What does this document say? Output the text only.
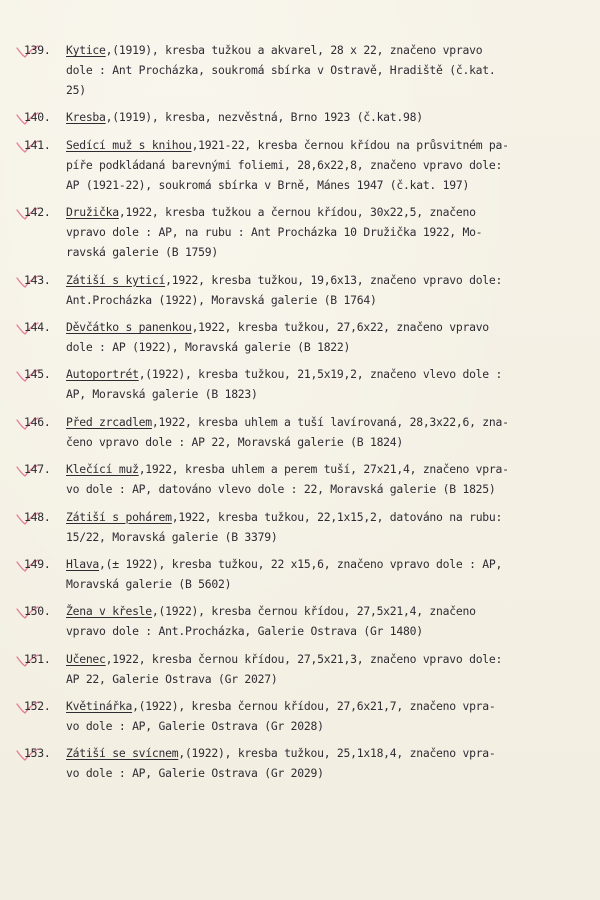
139.	Kytice,(1919), kresba tužkou a akvarel, 28 x 22, značeno vpravo
dole : Ant Procházka, soukromá sbírka v Ostravě, Hradiště (č.kat.
25)
140.	Kresba,(1919), kresba, nezvěstná, Brno 1923 (č.kat.98)
141.	Sedící muž s knihou,1921-22, kresba černou křídou na průsvitném pa-
píře podkládaná barevnými foliemi, 28,6x22,8, značeno vpravo dole:
AP (1921-22), soukromá sbírka v Brně, Mánes 1947 (č.kat. 197)
142.	Družička,1922, kresba tužkou a černou křídou, 30x22,5, značeno
vpravo dole : AP, na rubu : Ant Procházka 10 Družička 1922, Mo-
ravská galerie (B 1759)
143.	Zátiší s kyticí,1922, kresba tužkou, 19,6x13, značeno vpravo dole:
Ant.Procházka (1922), Moravská galerie (B 1764)
144.	Děvčátko s panenkou,1922, kresba tužkou, 27,6x22, značeno vpravo
dole : AP (1922), Moravská galerie (B 1822)
145.	Autoportrét,(1922), kresba tužkou, 21,5x19,2, značeno vlevo dole :
AP, Moravská galerie (B 1823)
146.	Před zrcadlem,1922, kresba uhlem a tuší lavírovaná, 28,3x22,6, zna-
čeno vpravo dole : AP 22, Moravská galerie (B 1824)
147.	Klečící muž,1922, kresba uhlem a perem tuší, 27x21,4, značeno vpra-
vo dole : AP, datováno vlevo dole : 22, Moravská galerie (B 1825)
148.	Zátiší s pohárem,1922, kresba tužkou, 22,1x15,2, datováno na rubu:
15/22, Moravská galerie (B 3379)
149.	Hlava,(± 1922), kresba tužkou, 22 x15,6, značeno vpravo dole : AP,
Moravská galerie (B 5602)
150.	Žena v křesle,(1922), kresba černou křídou, 27,5x21,4, značeno
vpravo dole : Ant.Procházka, Galerie Ostrava (Gr 1480)
151.	Učenec,1922, kresba černou křídou, 27,5x21,3, značeno vpravo dole:
AP 22, Galerie Ostrava (Gr 2027)
152.	Květinářka,(1922), kresba černou křídou, 27,6x21,7, značeno vpra-
vo dole : AP, Galerie Ostrava (Gr 2028)
153.	Zátiší se svícnem,(1922), kresba tužkou, 25,1x18,4, značeno vpra-
vo dole : AP, Galerie Ostrava (Gr 2029)
